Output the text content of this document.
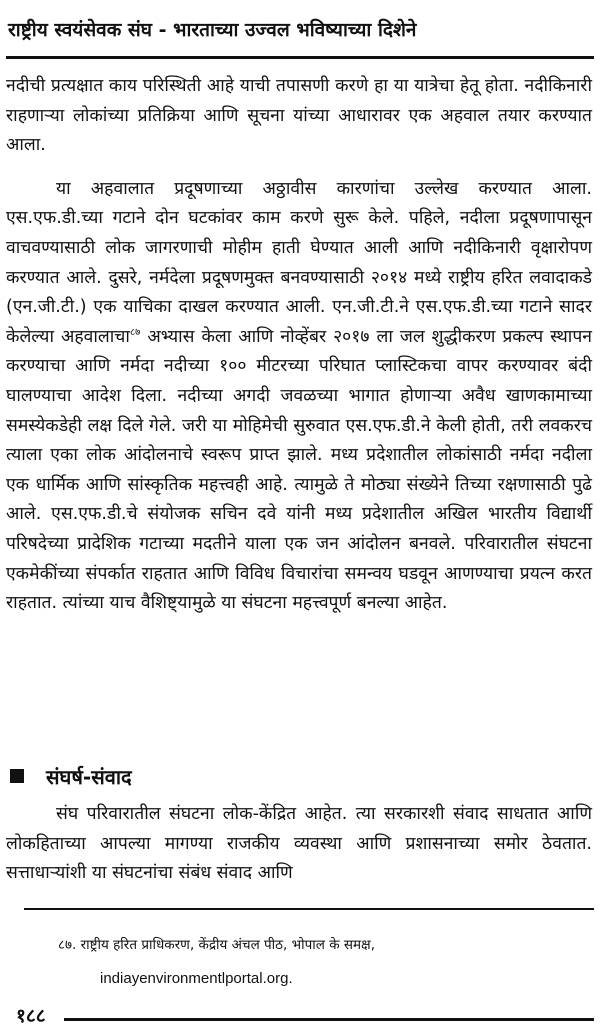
राष्ट्रीय स्वयंसेवक संघ - भारताच्या उज्वल भविष्याच्या दिशेने

नदीची प्रत्यक्षात काय परिस्थिती आहे याची तपासणी करणे हा या यात्रेचा हेतू होता. नदीकिनारी राहणाऱ्या लोकांच्या प्रतिक्रिया आणि सूचना यांच्या आधारावर एक अहवाल तयार करण्यात आला.

या अहवालात प्रदूषणाच्या अठ्ठावीस कारणांचा उल्लेख करण्यात आला. एस.एफ.डी.च्या गटाने दोन घटकांवर काम करणे सुरू केले. पहिले, नदीला प्रदूषणापासून वाचवण्यासाठी लोक जागरणाची मोहीम हाती घेण्यात आली आणि नदीकिनारी वृक्षारोपण करण्यात आले. दुसरे, नर्मदेला प्रदूषणमुक्त बनवण्यासाठी २०१४ मध्ये राष्ट्रीय हरित लवादाकडे (एन.जी.टी.) एक याचिका दाखल करण्यात आली. एन.जी.टी.ने एस.एफ.डी.च्या गटाने सादर केलेल्या अहवालाचा$^{८७}$ अभ्यास केला आणि नोव्हेंबर २०१७ ला जल शुद्धीकरण प्रकल्प स्थापन करण्याचा आणि नर्मदा नदीच्या १०० मीटरच्या परिघात प्लास्टिकचा वापर करण्यावर बंदी घालण्याचा आदेश दिला. नदीच्या अगदी जवळच्या भागात होणाऱ्या अवैध खाणकामाच्या समस्येकडेही लक्ष दिले गेले. जरी या मोहिमेची सुरुवात एस.एफ.डी.ने केली होती, तरी लवकरच त्याला एका लोक आंदोलनाचे स्वरूप प्राप्त झाले. मध्य प्रदेशातील लोकांसाठी नर्मदा नदीला एक धार्मिक आणि सांस्कृतिक महत्त्वही आहे. त्यामुळे ते मोठ्या संख्येने तिच्या रक्षणासाठी पुढे आले. एस.एफ.डी.चे संयोजक सचिन दवे यांनी मध्य प्रदेशातील अखिल भारतीय विद्यार्थी परिषदेच्या प्रादेशिक गटाच्या मदतीने याला एक जन आंदोलन बनवले. परिवारातील संघटना एकमेकींच्या संपर्कात राहतात आणि विविध विचारांचा समन्वय घडवून आणण्याचा प्रयत्न करत राहतात. त्यांच्या याच वैशिष्ट्यामुळे या संघटना महत्त्वपूर्ण बनल्या आहेत.

संघर्ष-संवाद

संघ परिवारातील संघटना लोक-केंद्रित आहेत. त्या सरकारशी संवाद साधतात आणि लोकहिताच्या आपल्या मागण्या राजकीय व्यवस्था आणि प्रशासनाच्या समोर ठेवतात. सत्ताधाऱ्यांशी या संघटनांचा संबंध संवाद आणि

८७. राष्ट्रीय हरित प्राधिकरण, केंद्रीय अंचल पीठ, भोपाल के समक्ष,
indiayenvironmentlportal.org.
१८८
